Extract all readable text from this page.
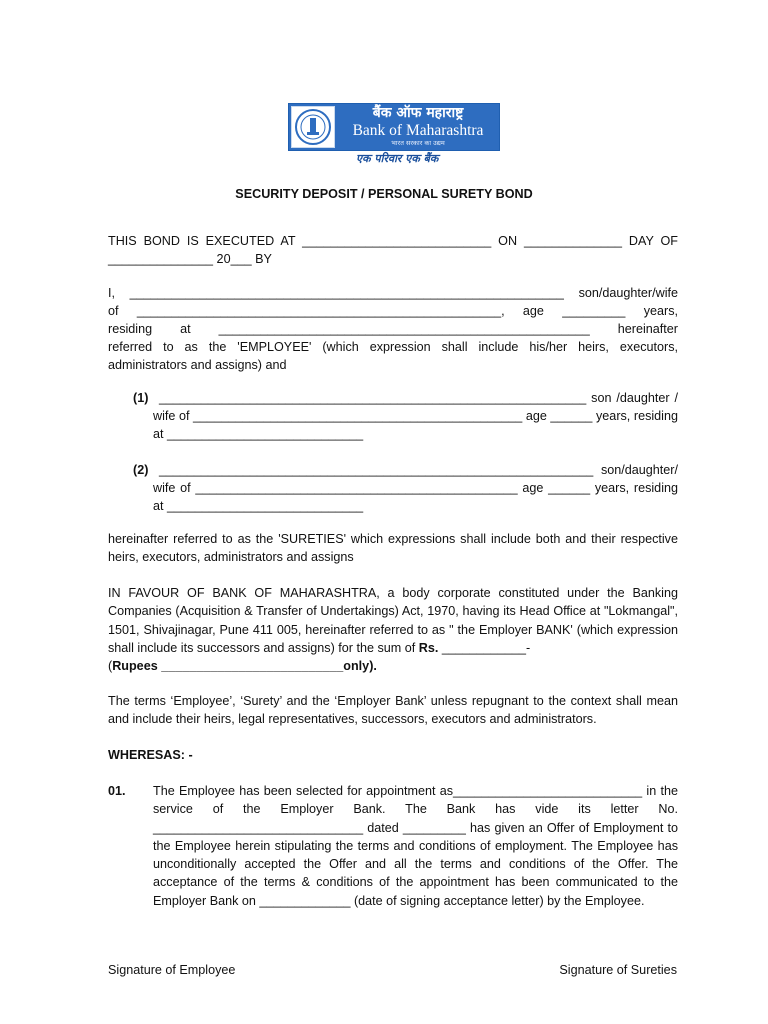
बैंक ऑफ महाराष्ट्र
Bank of Maharashtra
भारत सरकार का उद्यम
एक परिवार एक बैंक
SECURITY DEPOSIT / PERSONAL SURETY BOND
THIS BOND IS EXECUTED AT ___________________________ ON ______________ DAY OF
_______________ 20___ BY
I, ______________________________________________________________ son/daughter/wife
of ____________________________________________________, age _________ years,
residing at _____________________________________________________ hereinafter
referred to as the 'EMPLOYEE' (which expression shall include his/her heirs, executors,
administrators and assigns) and
(1) _____________________________________________________________ son /daughter /
wife of _______________________________________________ age ______ years, residing
at ____________________________
(2) ______________________________________________________________ son/daughter/
wife of ______________________________________________ age ______ years, residing
at ____________________________
hereinafter referred to as the 'SURETIES' which expressions shall include both and their respective heirs, executors, administrators and assigns
IN FAVOUR OF BANK OF MAHARASHTRA, a body corporate constituted under the Banking Companies (Acquisition & Transfer of Undertakings) Act, 1970, having its Head Office at "Lokmangal", 1501, Shivajinagar, Pune 411 005, hereinafter referred to as " the Employer BANK' (which expression shall include its successors and assigns) for the sum of Rs. ____________-
(Rupees __________________________only).
The terms ‘Employee’, ‘Surety’ and the ‘Employer Bank’ unless repugnant to the context shall mean and include their heirs, legal representatives, successors, executors and administrators.
WHERESAS: -
01. The Employee has been selected for appointment as___________________________ in the service of the Employer Bank. The Bank has vide its letter No. ______________________________ dated _________ has given an Offer of Employment to the Employee herein stipulating the terms and conditions of employment. The Employee has unconditionally accepted the Offer and all the terms and conditions of the Offer. The acceptance of the terms & conditions of the appointment has been communicated to the Employer Bank on _____________ (date of signing acceptance letter) by the Employee.
Signature of Employee	Signature of Sureties
